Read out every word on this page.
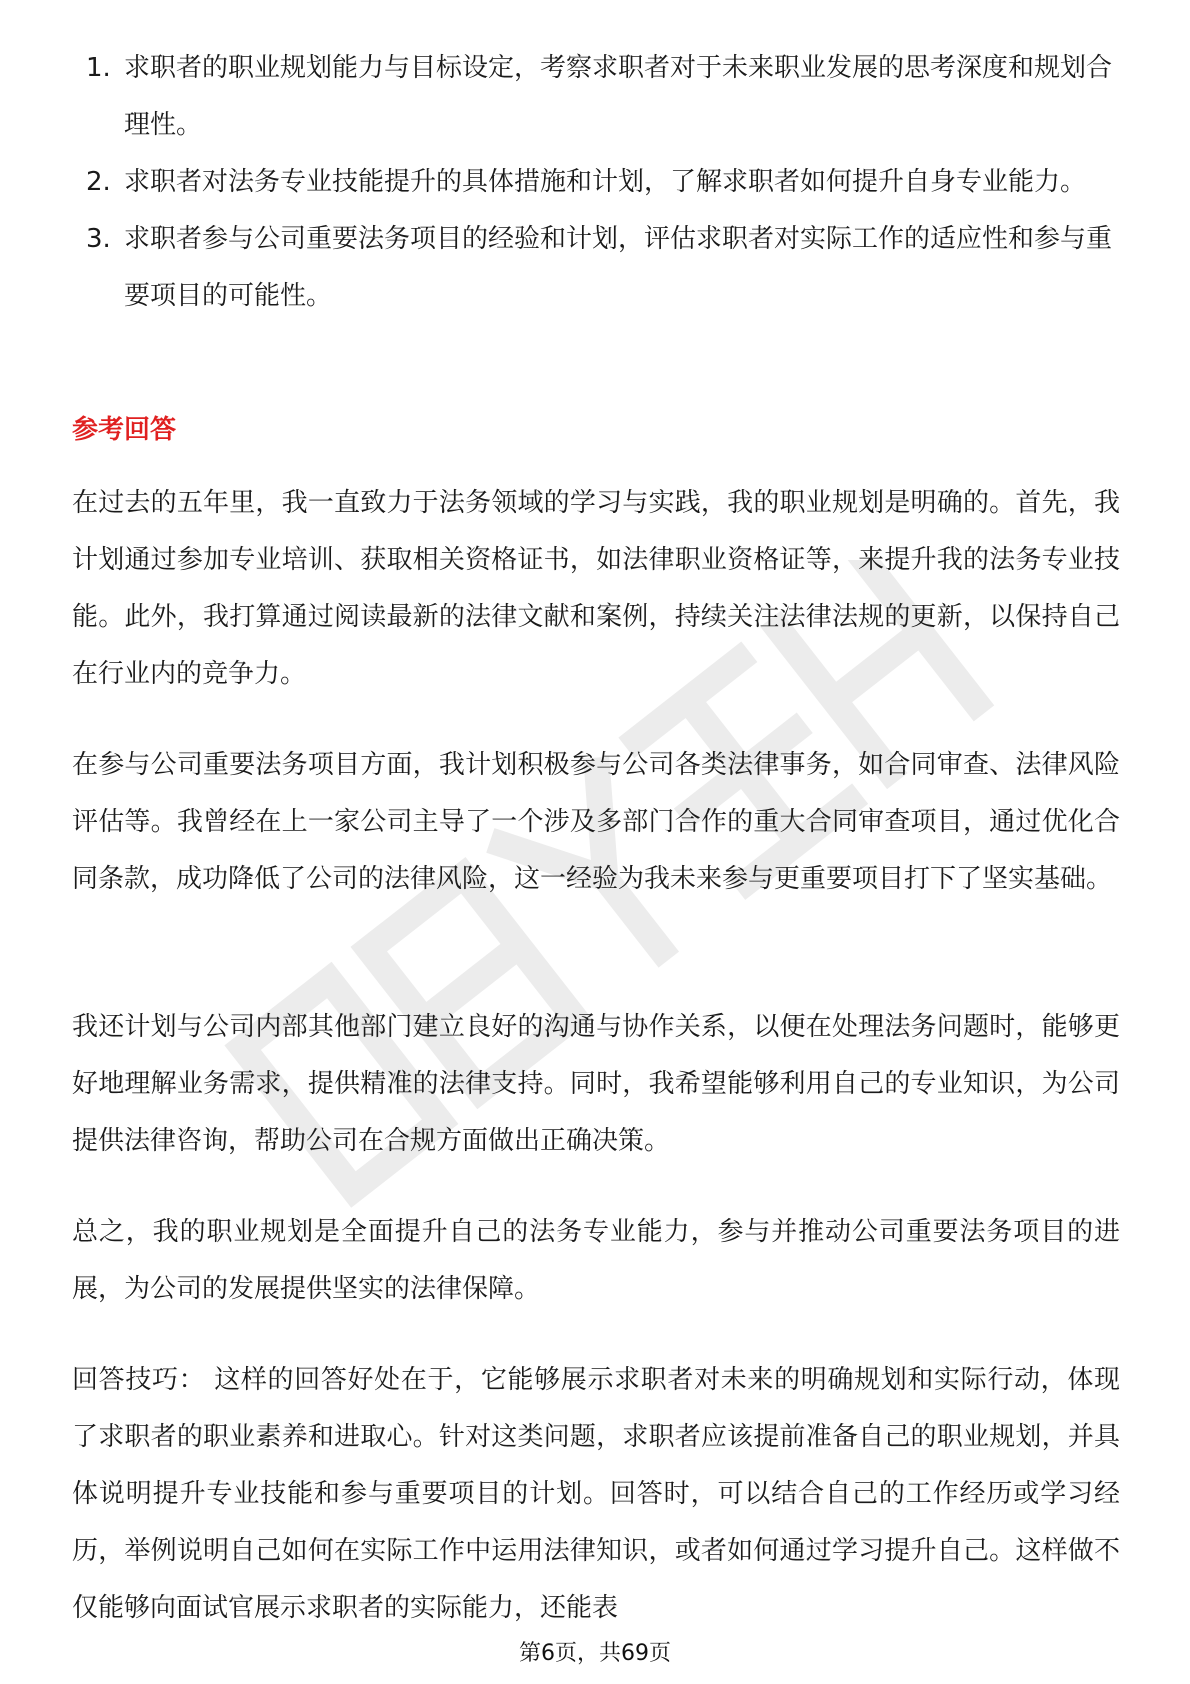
1. 求职者的职业规划能力与目标设定，考察求职者对于未来职业发展的思考深度和规划合理性。
2. 求职者对法务专业技能提升的具体措施和计划，了解求职者如何提升自身专业能力。
3. 求职者参与公司重要法务项目的经验和计划，评估求职者对实际工作的适应性和参与重要项目的可能性。
参考回答

在过去的五年里，我一直致力于法务领域的学习与实践，我的职业规划是明确的。首先，我计划通过参加专业培训、获取相关资格证书，如法律职业资格证等，来提升我的法务专业技能。此外，我打算通过阅读最新的法律文献和案例，持续关注法律法规的更新，以保持自己在行业内的竞争力。

在参与公司重要法务项目方面，我计划积极参与公司各类法律事务，如合同审查、法律风险评估等。我曾经在上一家公司主导了一个涉及多部门合作的重大合同审查项目，通过优化合同条款，成功降低了公司的法律风险，这一经验为我未来参与更重要项目打下了坚实基础。

我还计划与公司内部其他部门建立良好的沟通与协作关系，以便在处理法务问题时，能够更好地理解业务需求，提供精准的法律支持。同时，我希望能够利用自己的专业知识，为公司提供法律咨询，帮助公司在合规方面做出正确决策。

总之，我的职业规划是全面提升自己的法务专业能力，参与并推动公司重要法务项目的进展，为公司的发展提供坚实的法律保障。

回答技巧： 这样的回答好处在于，它能够展示求职者对未来的明确规划和实际行动，体现了求职者的职业素养和进取心。针对这类问题，求职者应该提前准备自己的职业规划，并具体说明提升专业技能和参与重要项目的计划。回答时，可以结合自己的工作经历或学习经历，举例说明自己如何在实际工作中运用法律知识，或者如何通过学习提升自己。这样做不仅能够向面试官展示求职者的实际能力，还能表

第6页，共69页
